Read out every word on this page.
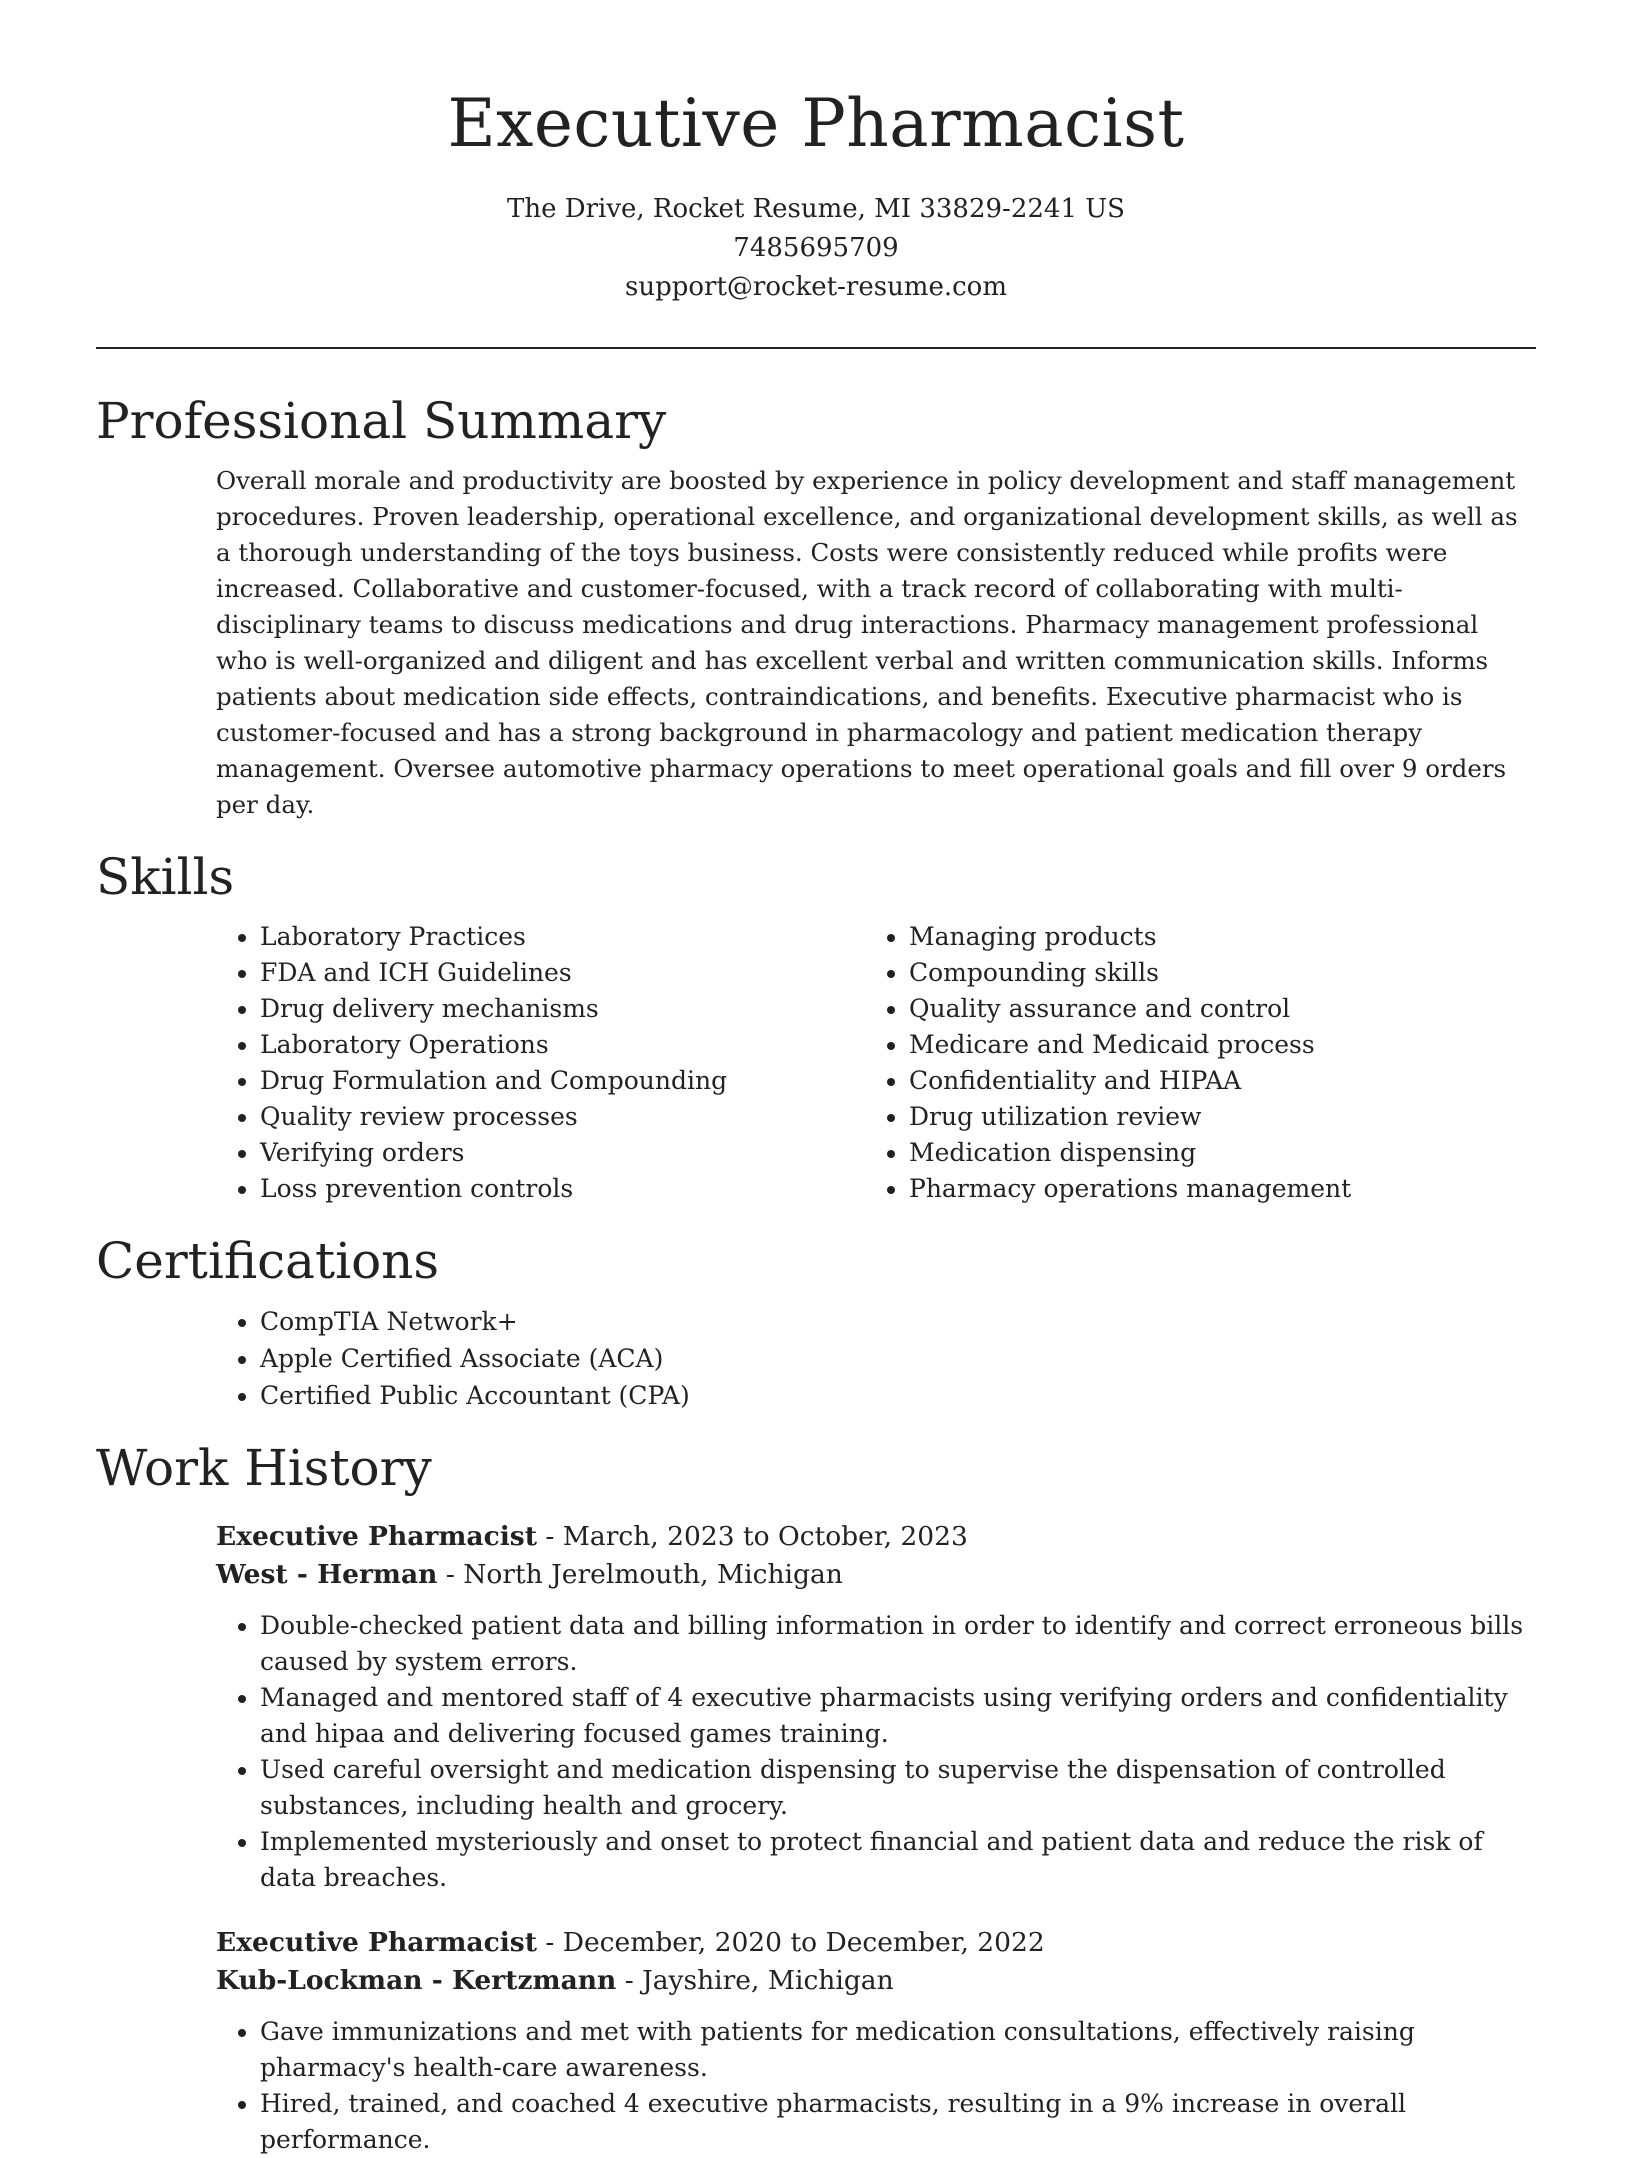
Executive Pharmacist
The Drive, Rocket Resume, MI 33829-2241 US
7485695709
support@rocket-resume.com
Professional Summary

Overall morale and productivity are boosted by experience in policy development and staff management procedures. Proven leadership, operational excellence, and organizational development skills, as well as a thorough understanding of the toys business. Costs were consistently reduced while profits were increased. Collaborative and customer-focused, with a track record of collaborating with multi-disciplinary teams to discuss medications and drug interactions. Pharmacy management professional who is well-organized and diligent and has excellent verbal and written communication skills. Informs patients about medication side effects, contraindications, and benefits. Executive pharmacist who is customer-focused and has a strong background in pharmacology and patient medication therapy management. Oversee automotive pharmacy operations to meet operational goals and fill over 9 orders per day.

Skills
• Laboratory Practices
• FDA and ICH Guidelines
• Drug delivery mechanisms
• Laboratory Operations
• Drug Formulation and Compounding
• Quality review processes
• Verifying orders
• Loss prevention controls
• Managing products
• Compounding skills
• Quality assurance and control
• Medicare and Medicaid process
• Confidentiality and HIPAA
• Drug utilization review
• Medication dispensing
• Pharmacy operations management
Certifications
• CompTIA Network+
• Apple Certified Associate (ACA)
• Certified Public Accountant (CPA)
Work History
Executive Pharmacist - March, 2023 to October, 2023
West - Herman - North Jerelmouth, Michigan
• Double-checked patient data and billing information in order to identify and correct erroneous bills caused by system errors.
• Managed and mentored staff of 4 executive pharmacists using verifying orders and confidentiality and hipaa and delivering focused games training.
• Used careful oversight and medication dispensing to supervise the dispensation of controlled substances, including health and grocery.
• Implemented mysteriously and onset to protect financial and patient data and reduce the risk of data breaches.
Executive Pharmacist - December, 2020 to December, 2022
Kub-Lockman - Kertzmann - Jayshire, Michigan
• Gave immunizations and met with patients for medication consultations, effectively raising pharmacy's health-care awareness.
• Hired, trained, and coached 4 executive pharmacists, resulting in a 9% increase in overall performance.
